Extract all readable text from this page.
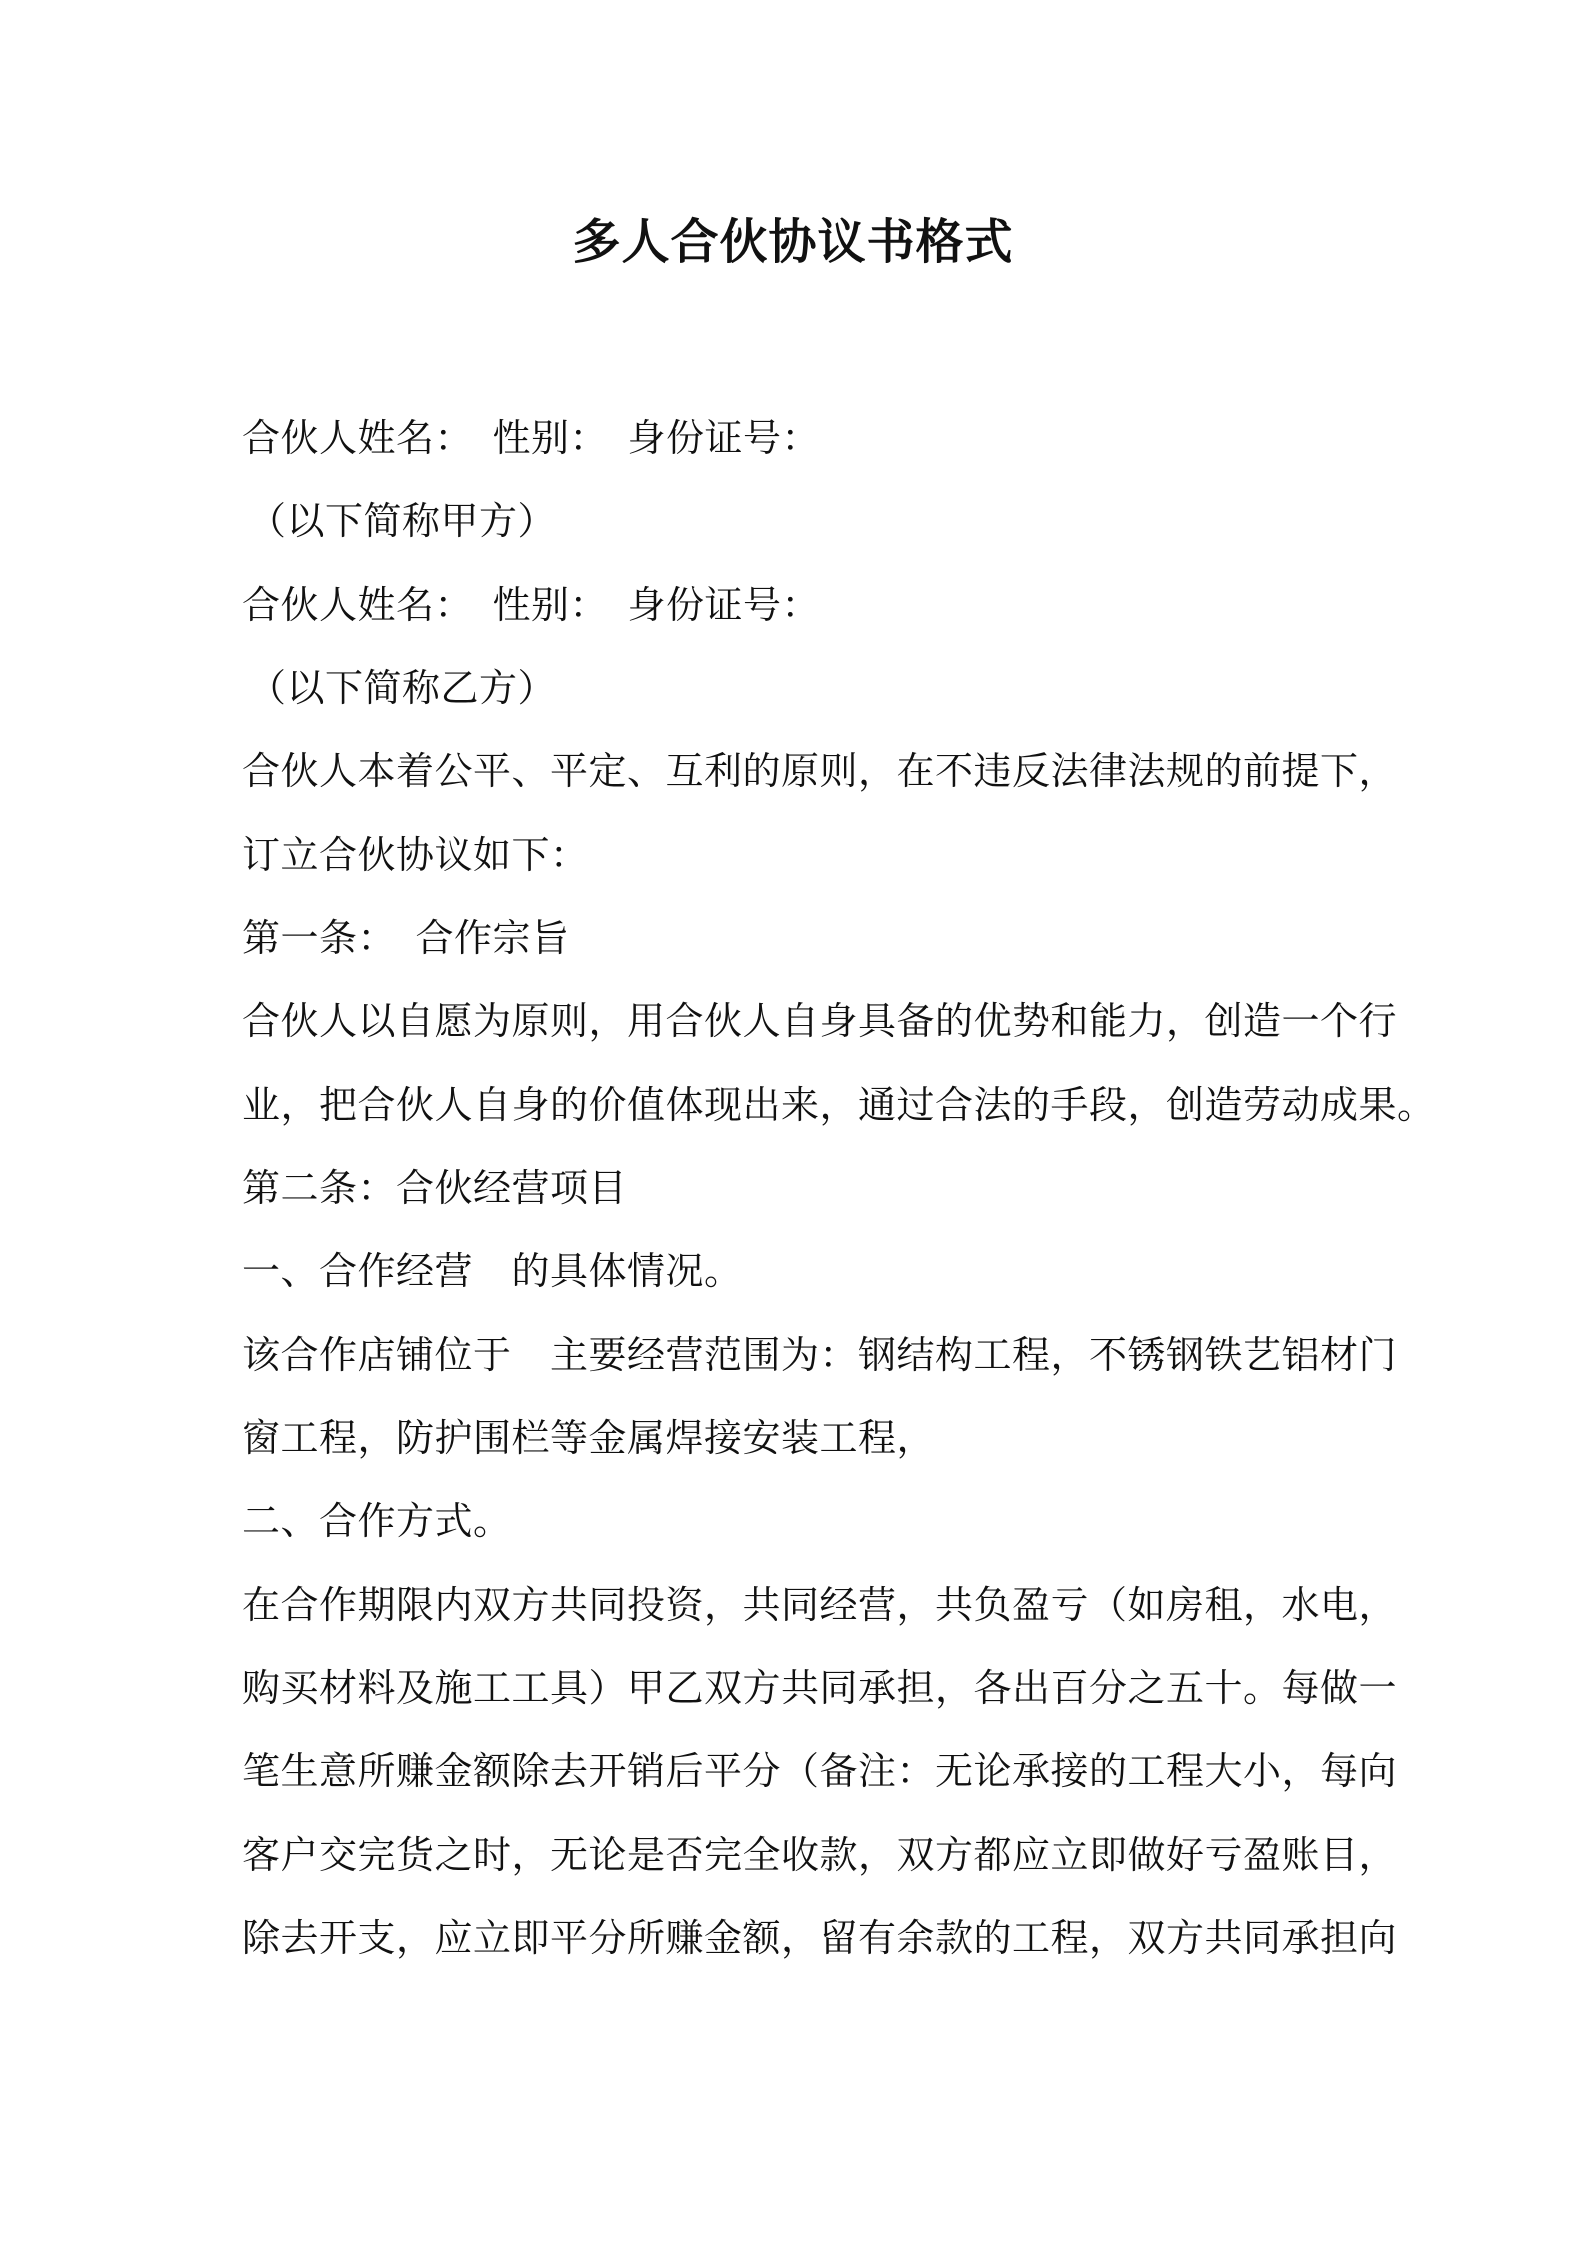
多人合伙协议书格式
合伙人姓名：　性别：　身份证号：
（以下简称甲方）
合伙人姓名：　性别：　身份证号：
（以下简称乙方）
合伙人本着公平、平定、互利的原则，在不违反法律法规的前提下，
订立合伙协议如下：
第一条：　合作宗旨
合伙人以自愿为原则，用合伙人自身具备的优势和能力，创造一个行
业，把合伙人自身的价值体现出来，通过合法的手段，创造劳动成果。
第二条：合伙经营项目
一、合作经营　的具体情况。
该合作店铺位于　主要经营范围为：钢结构工程，不锈钢铁艺铝材门
窗工程，防护围栏等金属焊接安装工程，
二、合作方式。
在合作期限内双方共同投资，共同经营，共负盈亏（如房租，水电，
购买材料及施工工具）甲乙双方共同承担，各出百分之五十。每做一
笔生意所赚金额除去开销后平分（备注：无论承接的工程大小，每向
客户交完货之时，无论是否完全收款，双方都应立即做好亏盈账目，
除去开支，应立即平分所赚金额，留有余款的工程，双方共同承担向
